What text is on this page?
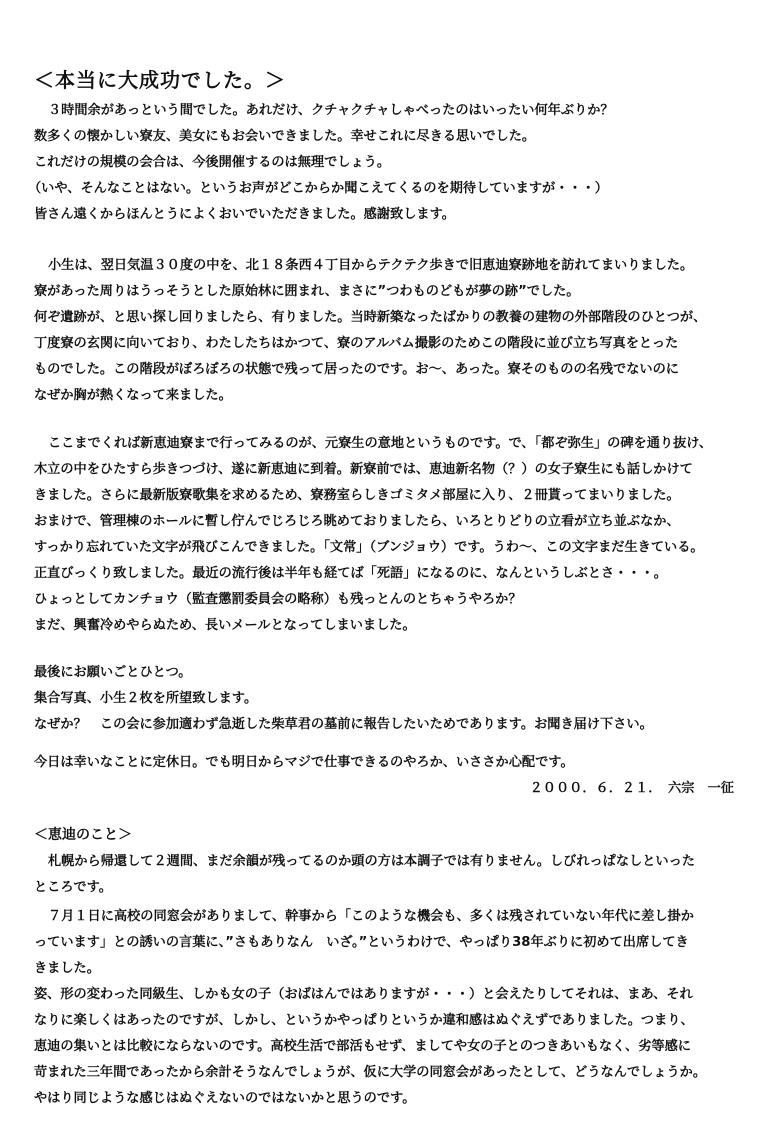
＜本当に大成功でした。＞
３時間余があっという間でした。あれだけ、クチャクチャしゃべったのはいったい何年ぶりか？
数多くの懐かしい寮友、美女にもお会いできました。幸せこれに尽きる思いでした。
これだけの規模の会合は、今後開催するのは無理でしょう。
（いや、そんなことはない。というお声がどこからか聞こえてくるのを期待していますが・・・）
皆さん遠くからほんとうによくおいでいただきました。感謝致します。
小生は、翌日気温３０度の中を、北１８条西４丁目からテクテク歩きで旧恵迪寮跡地を訪れてまいりました。
寮があった周りはうっそうとした原始林に囲まれ、まさに”つわものどもが夢の跡”でした。
何ぞ遺跡が、と思い探し回りましたら、有りました。当時新築なったばかりの教養の建物の外部階段のひとつが、
丁度寮の玄関に向いており、わたしたちはかつて、寮のアルバム撮影のためこの階段に並び立ち写真をとった
ものでした。この階段がぼろぼろの状態で残って居ったのです。お～、あった。寮そのものの名残でないのに
なぜか胸が熱くなって来ました。
ここまでくれば新恵迪寮まで行ってみるのが、元寮生の意地というものです。で、「都ぞ弥生」の碑を通り抜け、
木立の中をひたすら歩きつづけ、遂に新恵迪に到着。新寮前では、恵迪新名物（？）の女子寮生にも話しかけて
きました。さらに最新版寮歌集を求めるため、寮務室らしきゴミタメ部屋に入り、２冊貰ってまいりました。
おまけで、管理棟のホールに暫し佇んでじろじろ眺めておりましたら、いろとりどりの立看が立ち並ぶなか、
すっかり忘れていた文字が飛びこんできました。「文常」（ブンジョウ）です。うわ～、この文字まだ生きている。
正直びっくり致しました。最近の流行後は半年も経てば「死語」になるのに、なんというしぶとさ・・・。
ひょっとしてカンチョウ（監査懲罰委員会の略称）も残っとんのとちゃうやろか？
まだ、興奮冷めやらぬため、長いメールとなってしまいました。
最後にお願いごとひとつ。
集合写真、小生２枚を所望致します。
なぜか？　この会に参加適わず急逝した柴草君の墓前に報告したいためであります。お聞き届け下さい。
今日は幸いなことに定休日。でも明日からマジで仕事できるのやろか、いささか心配です。
２０００．６．２１．　六宗　一征
＜恵迪のこと＞
札幌から帰還して２週間、まだ余韻が残ってるのか頭の方は本調子では有りません。しびれっぱなしといった
ところです。
７月１日に高校の同窓会がありまして、幹事から「このような機会も、多くは残されていない年代に差し掛か
っています」との誘いの言葉に、”さもありなん　いざ。”というわけで、やっぱり38年ぶりに初めて出席してき
きました。
姿、形の変わった同級生、しかも女の子（おばはんではありますが・・・）と会えたりしてそれは、まあ、それ
なりに楽しくはあったのですが、しかし、というかやっぱりというか違和感はぬぐえずでありました。つまり、
恵迪の集いとは比較にならないのです。高校生活で部活もせず、ましてや女の子とのつきあいもなく、劣等感に
苛まれた三年間であったから余計そうなんでしょうが、仮に大学の同窓会があったとして、どうなんでしょうか。
やはり同じような感じはぬぐえないのではないかと思うのです。
